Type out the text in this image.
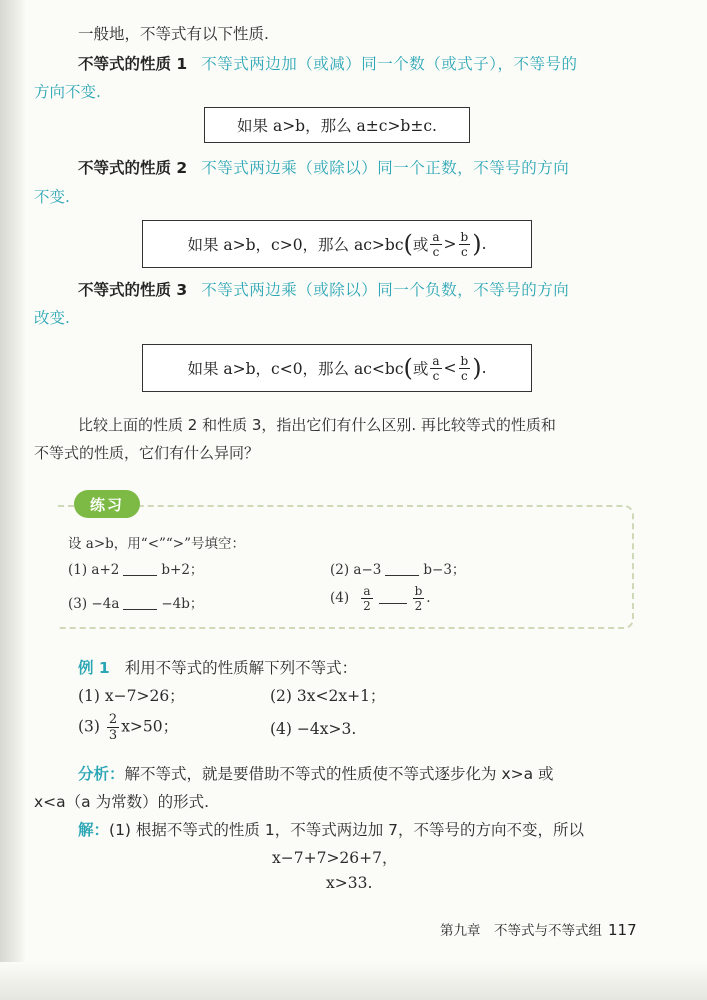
一般地，不等式有以下性质.
不等式的性质 1 不等式两边加（或减）同一个数（或式子），不等号的
方向不变.
如果 a>b，那么 a±c>b±c.
不等式的性质 2 不等式两边乘（或除以）同一个正数，不等号的方向
不变.
如果 a>b，c>0，那么 ac>bc ( 或 $\frac{a}{c} > \frac{b}{c}$ ) .
不等式的性质 3 不等式两边乘（或除以）同一个负数，不等号的方向
改变.
如果 a>b，c<0，那么 ac<bc ( 或 $\frac{a}{c} < \frac{b}{c}$ ) .
比较上面的性质 2 和性质 3，指出它们有什么区别. 再比较等式的性质和
不等式的性质，它们有什么异同？
练习
设 a>b，用“<”“>”号填空：
(1) a+2	b+2；	(2) a−3	b−3；
(3) −4a	−4b；	$(4) \frac{a}{2}$	$\frac{b}{2}$ .
例 1 利用不等式的性质解下列不等式：
(1) x−7>26；	(2) 3x<2x+1；
$(3) \frac{2}{3} x>50$；	(4) −4x>3.
分析：解不等式，就是要借助不等式的性质使不等式逐步化为 x>a 或
x<a（a 为常数）的形式.
解：(1) 根据不等式的性质 1，不等式两边加 7，不等号的方向不变，所以
x−7+7>26+7，
x>33.
第九章　不等式与不等式组 117
